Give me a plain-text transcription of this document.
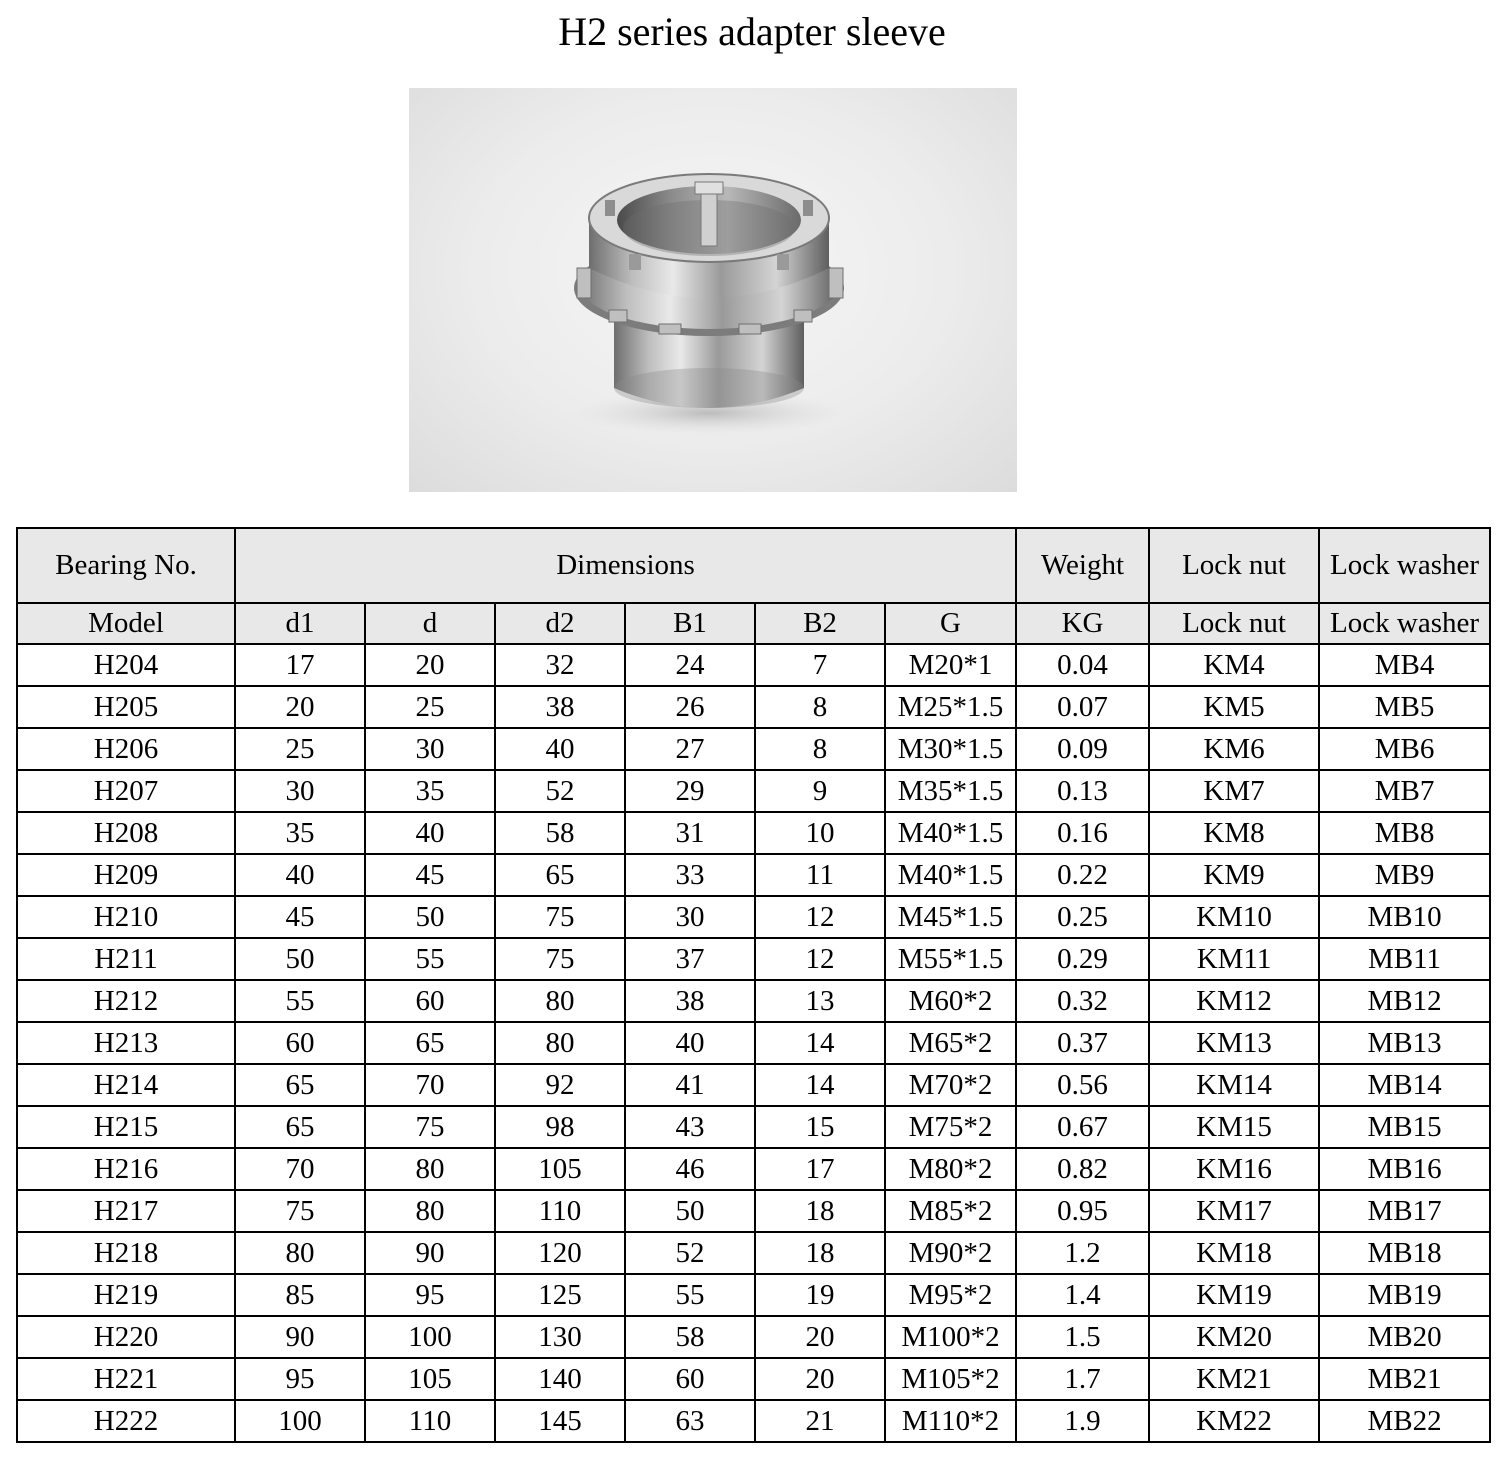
H2 series adapter sleeve
Bearing No.	Dimensions						Weight	Lock nut	Lock washer
Model	d1	d	d2	B1	B2	G	KG	Lock nut	Lock washer
H204	17	20	32	24	7	M20*1	0.04	KM4	MB4
H205	20	25	38	26	8	M25*1.5	0.07	KM5	MB5
H206	25	30	40	27	8	M30*1.5	0.09	KM6	MB6
H207	30	35	52	29	9	M35*1.5	0.13	KM7	MB7
H208	35	40	58	31	10	M40*1.5	0.16	KM8	MB8
H209	40	45	65	33	11	M40*1.5	0.22	KM9	MB9
H210	45	50	75	30	12	M45*1.5	0.25	KM10	MB10
H211	50	55	75	37	12	M55*1.5	0.29	KM11	MB11
H212	55	60	80	38	13	M60*2	0.32	KM12	MB12
H213	60	65	80	40	14	M65*2	0.37	KM13	MB13
H214	65	70	92	41	14	M70*2	0.56	KM14	MB14
H215	65	75	98	43	15	M75*2	0.67	KM15	MB15
H216	70	80	105	46	17	M80*2	0.82	KM16	MB16
H217	75	80	110	50	18	M85*2	0.95	KM17	MB17
H218	80	90	120	52	18	M90*2	1.2	KM18	MB18
H219	85	95	125	55	19	M95*2	1.4	KM19	MB19
H220	90	100	130	58	20	M100*2	1.5	KM20	MB20
H221	95	105	140	60	20	M105*2	1.7	KM21	MB21
H222	100	110	145	63	21	M110*2	1.9	KM22	MB22
